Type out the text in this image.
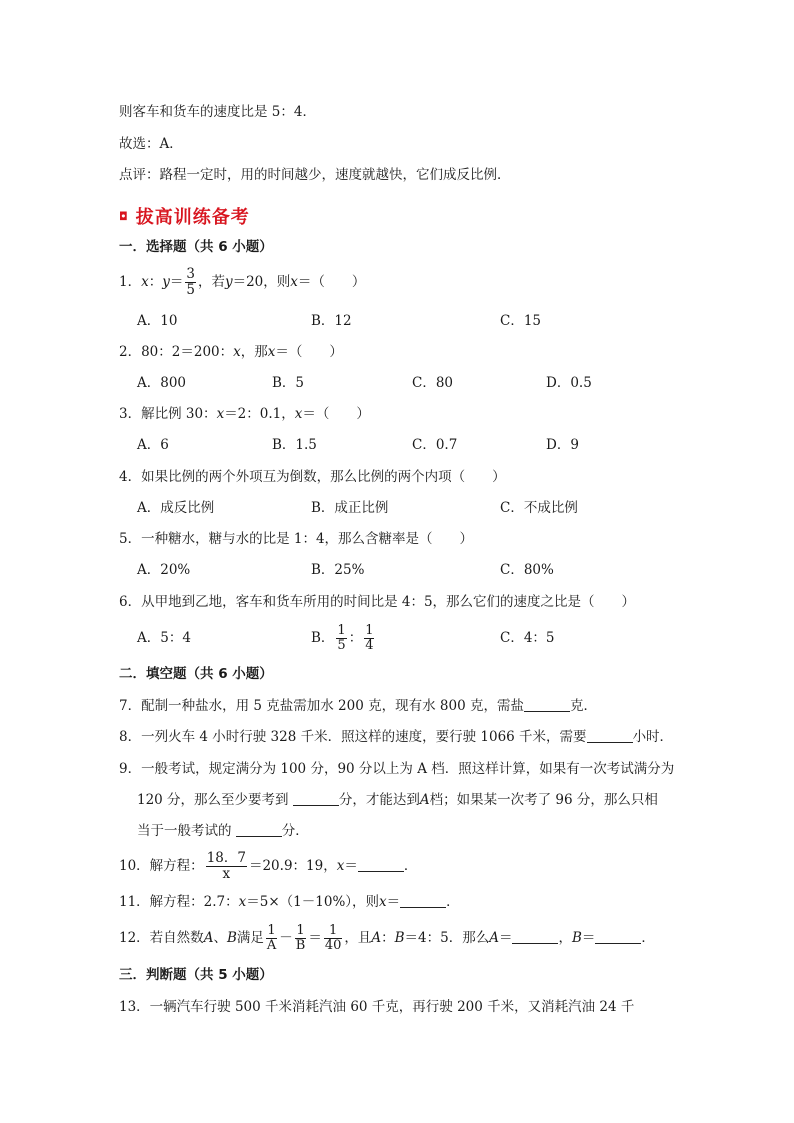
则客车和货车的速度比是 5：4．
故选：A．
点评：路程一定时，用的时间越少，速度就越快，它们成反比例．
◘ 拔高训练备考
一．选择题（共 6 小题）
1．x：$y= \frac{3}{5}$ ，若y＝20，则x＝（　　）
A．10	B．12	C．15
2．80：2＝200：x，那x＝（　　）
A．800	B．5	C．80	D．0.5
3．解比例 30：x＝2：0.1，x＝（　　）
A．6	B．1.5	C．0.7	D．9
4．如果比例的两个外项互为倒数，那么比例的两个内项（　　）
A．成反比例	B．成正比例	C．不成比例
5．一种糖水，糖与水的比是 1：4，那么含糖率是（　　）
A．20%	B．25%	C．80%
6．从甲地到乙地，客车和货车所用的时间比是 4：5，那么它们的速度之比是（　　）
A．5：4	B． $\frac{1}{5}$ ： $\frac{1}{4}$	C．4：5
二．填空题（共 6 小题）
7．配制一种盐水，用 5 克盐需加水 200 克，现有水 800 克，需盐	克．
8．一列火车 4 小时行驶 328 千米．照这样的速度，要行驶 1066 千米，需要	小时．
9．一般考试，规定满分为 100 分，90 分以上为 A 档．照这样计算，如果有一次考试满分为
120 分，那么至少要考到	分，才能达到A档；如果某一次考了 96 分，那么只相
当于一般考试的	分．
10．解方程： $\frac{18.7}{x} =20.9$：19，x＝	．
11．解方程：2.7：x＝5×（1－10%），则x＝	．
12．若自然数A、B满足 $\frac{1}{A} - \frac{1}{B} = \frac{1}{40}$ ，且A：B＝4：5．那么A＝	，B＝	．
三．判断题（共 5 小题）
13．一辆汽车行驶 500 千米消耗汽油 60 千克，再行驶 200 千米，又消耗汽油 24 千
